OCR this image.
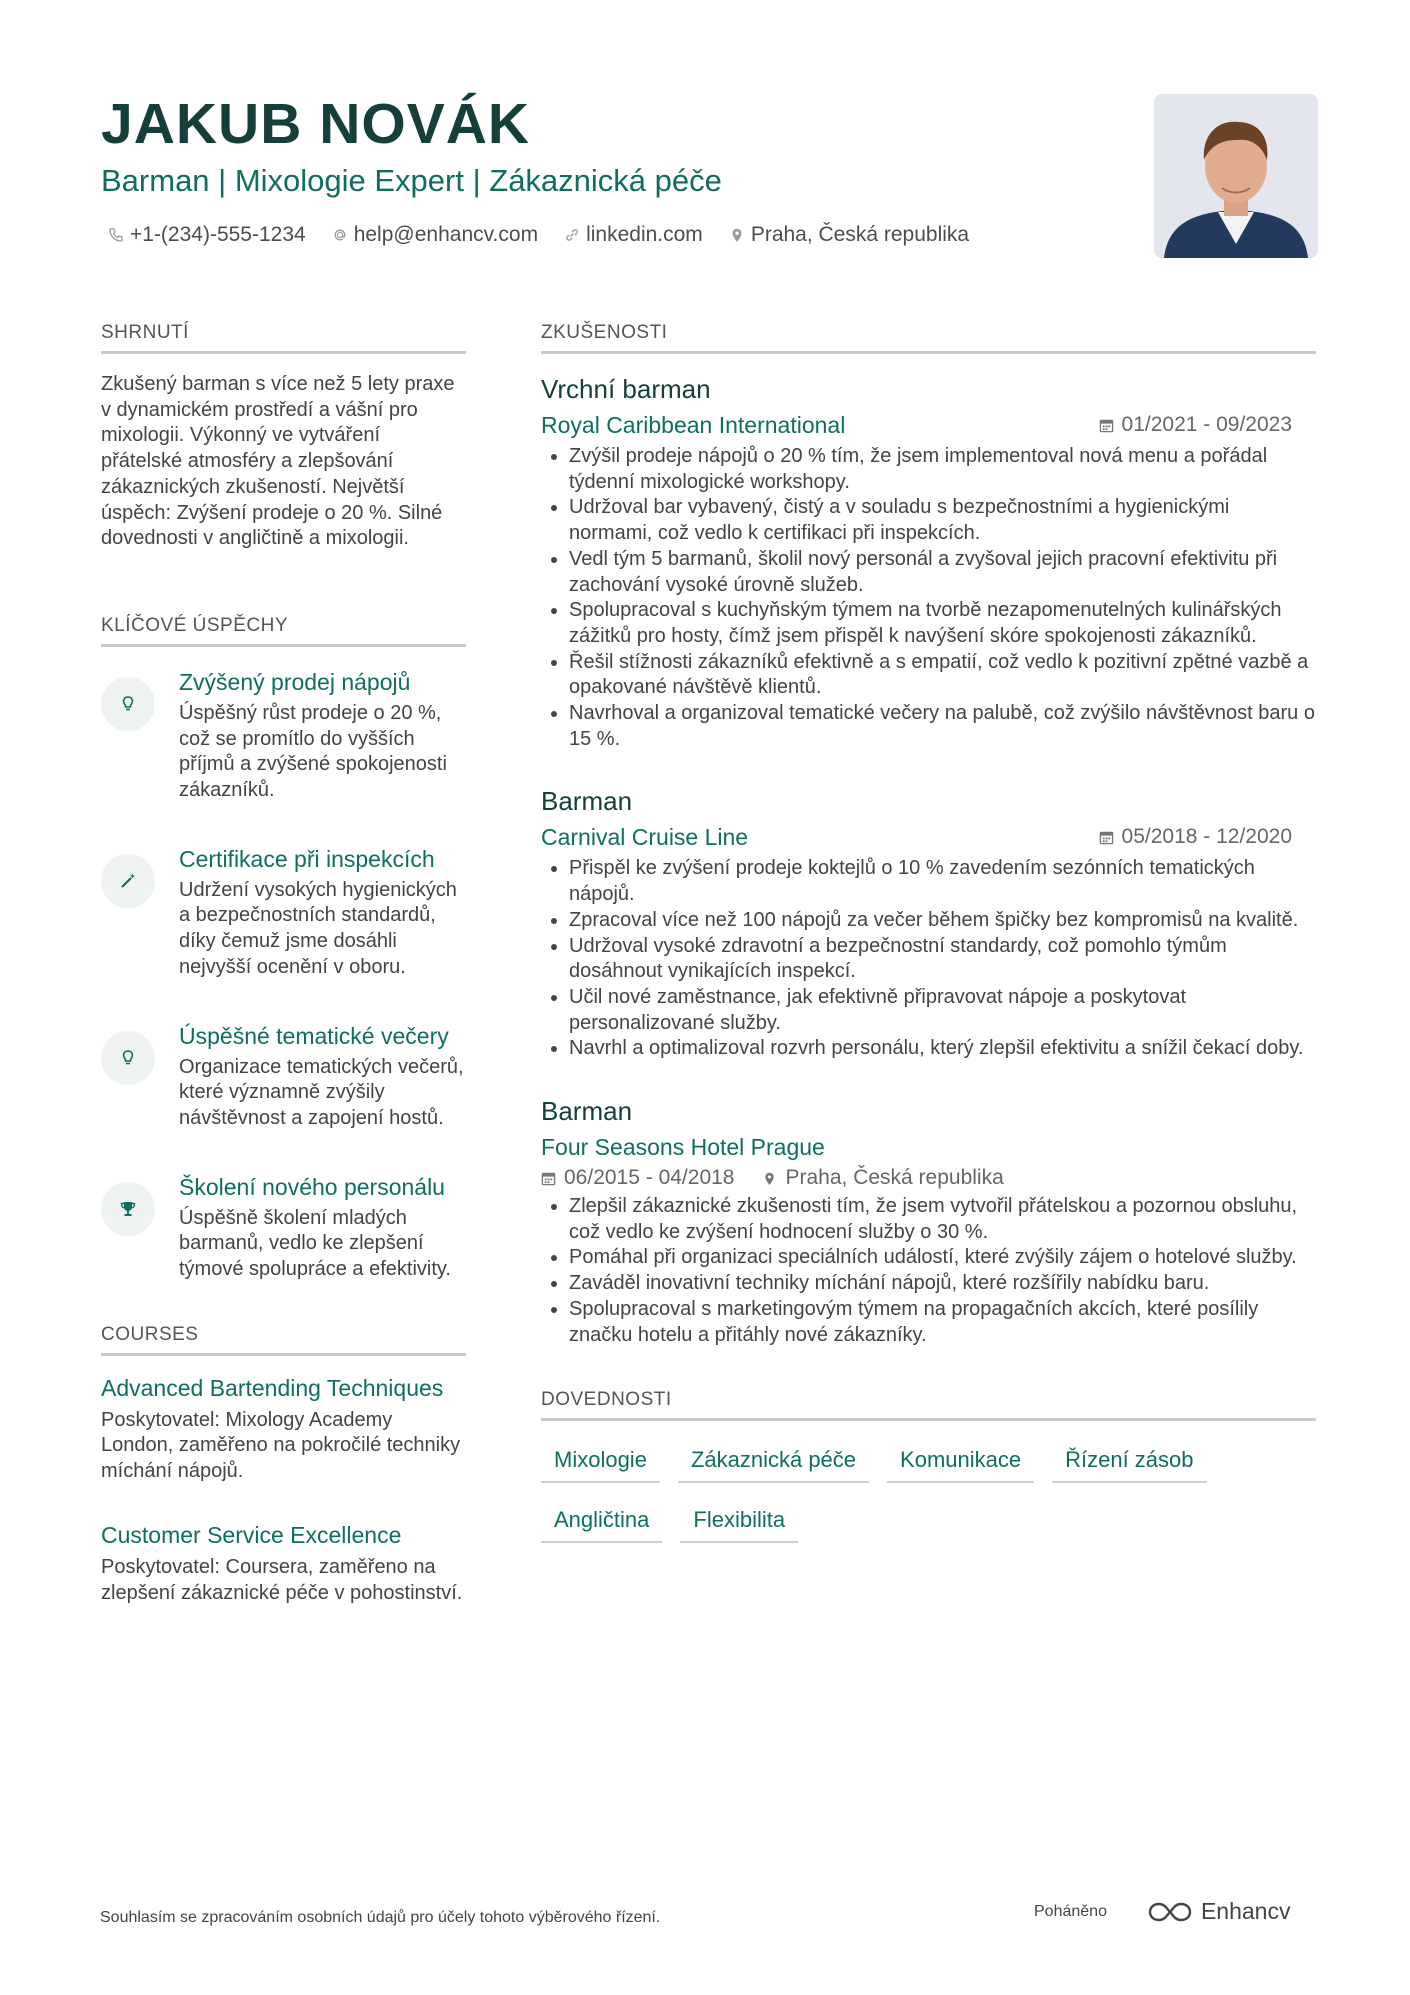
JAKUB NOVÁK
Barman | Mixologie Expert | Zákaznická péče
+1-(234)-555-1234 help@enhancv.com linkedin.com Praha, Česká republika
SHRNUTÍ
Zkušený barman s více než 5 lety praxe v dynamickém prostředí a vášní pro mixologii. Výkonný ve vytváření přátelské atmosféry a zlepšování zákaznických zkušeností. Největší úspěch: Zvýšení prodeje o 20 %. Silné dovednosti v angličtině a mixologii.
KLÍČOVÉ ÚSPĚCHY
Zvýšený prodej nápojů
Úspěšný růst prodeje o 20 %, což se promítlo do vyšších příjmů a zvýšené spokojenosti zákazníků.
Certifikace při inspekcích
Udržení vysokých hygienických a bezpečnostních standardů, díky čemuž jsme dosáhli nejvyšší ocenění v oboru.
Úspěšné tematické večery
Organizace tematických večerů, které významně zvýšily návštěvnost a zapojení hostů.
Školení nového personálu
Úspěšně školení mladých barmanů, vedlo ke zlepšení týmové spolupráce a efektivity.
COURSES
Advanced Bartending Techniques
Poskytovatel: Mixology Academy London, zaměřeno na pokročilé techniky míchání nápojů.
Customer Service Excellence
Poskytovatel: Coursera, zaměřeno na zlepšení zákaznické péče v pohostinství.
ZKUŠENOSTI
Vrchní barman
Royal Caribbean International	01/2021 - 09/2023
• Zvýšil prodeje nápojů o 20 % tím, že jsem implementoval nová menu a pořádal týdenní mixologické workshopy.
• Udržoval bar vybavený, čistý a v souladu s bezpečnostními a hygienickými normami, což vedlo k certifikaci při inspekcích.
• Vedl tým 5 barmanů, školil nový personál a zvyšoval jejich pracovní efektivitu při zachování vysoké úrovně služeb.
• Spolupracoval s kuchyňským týmem na tvorbě nezapomenutelných kulinářských zážitků pro hosty, čímž jsem přispěl k navýšení skóre spokojenosti zákazníků.
• Řešil stížnosti zákazníků efektivně a s empatií, což vedlo k pozitivní zpětné vazbě a opakované návštěvě klientů.
• Navrhoval a organizoval tematické večery na palubě, což zvýšilo návštěvnost baru o 15 %.
Barman
Carnival Cruise Line	05/2018 - 12/2020
• Přispěl ke zvýšení prodeje koktejlů o 10 % zavedením sezónních tematických nápojů.
• Zpracoval více než 100 nápojů za večer během špičky bez kompromisů na kvalitě.
• Udržoval vysoké zdravotní a bezpečnostní standardy, což pomohlo týmům dosáhnout vynikajících inspekcí.
• Učil nové zaměstnance, jak efektivně připravovat nápoje a poskytovat personalizované služby.
• Navrhl a optimalizoval rozvrh personálu, který zlepšil efektivitu a snížil čekací doby.
Barman
Four Seasons Hotel Prague
06/2015 - 04/2018 Praha, Česká republika
• Zlepšil zákaznické zkušenosti tím, že jsem vytvořil přátelskou a pozornou obsluhu, což vedlo ke zvýšení hodnocení služby o 30 %.
• Pomáhal při organizaci speciálních událostí, které zvýšily zájem o hotelové služby.
• Zaváděl inovativní techniky míchání nápojů, které rozšířily nabídku baru.
• Spolupracoval s marketingovým týmem na propagačních akcích, které posílily značku hotelu a přitáhly nové zákazníky.
DOVEDNOSTI
Mixologie	Zákaznická péče	Komunikace	Řízení zásob
Angličtina	Flexibilita
Souhlasím se zpracováním osobních údajů pro účely tohoto výběrového řízení.	Poháněno	Enhancv
